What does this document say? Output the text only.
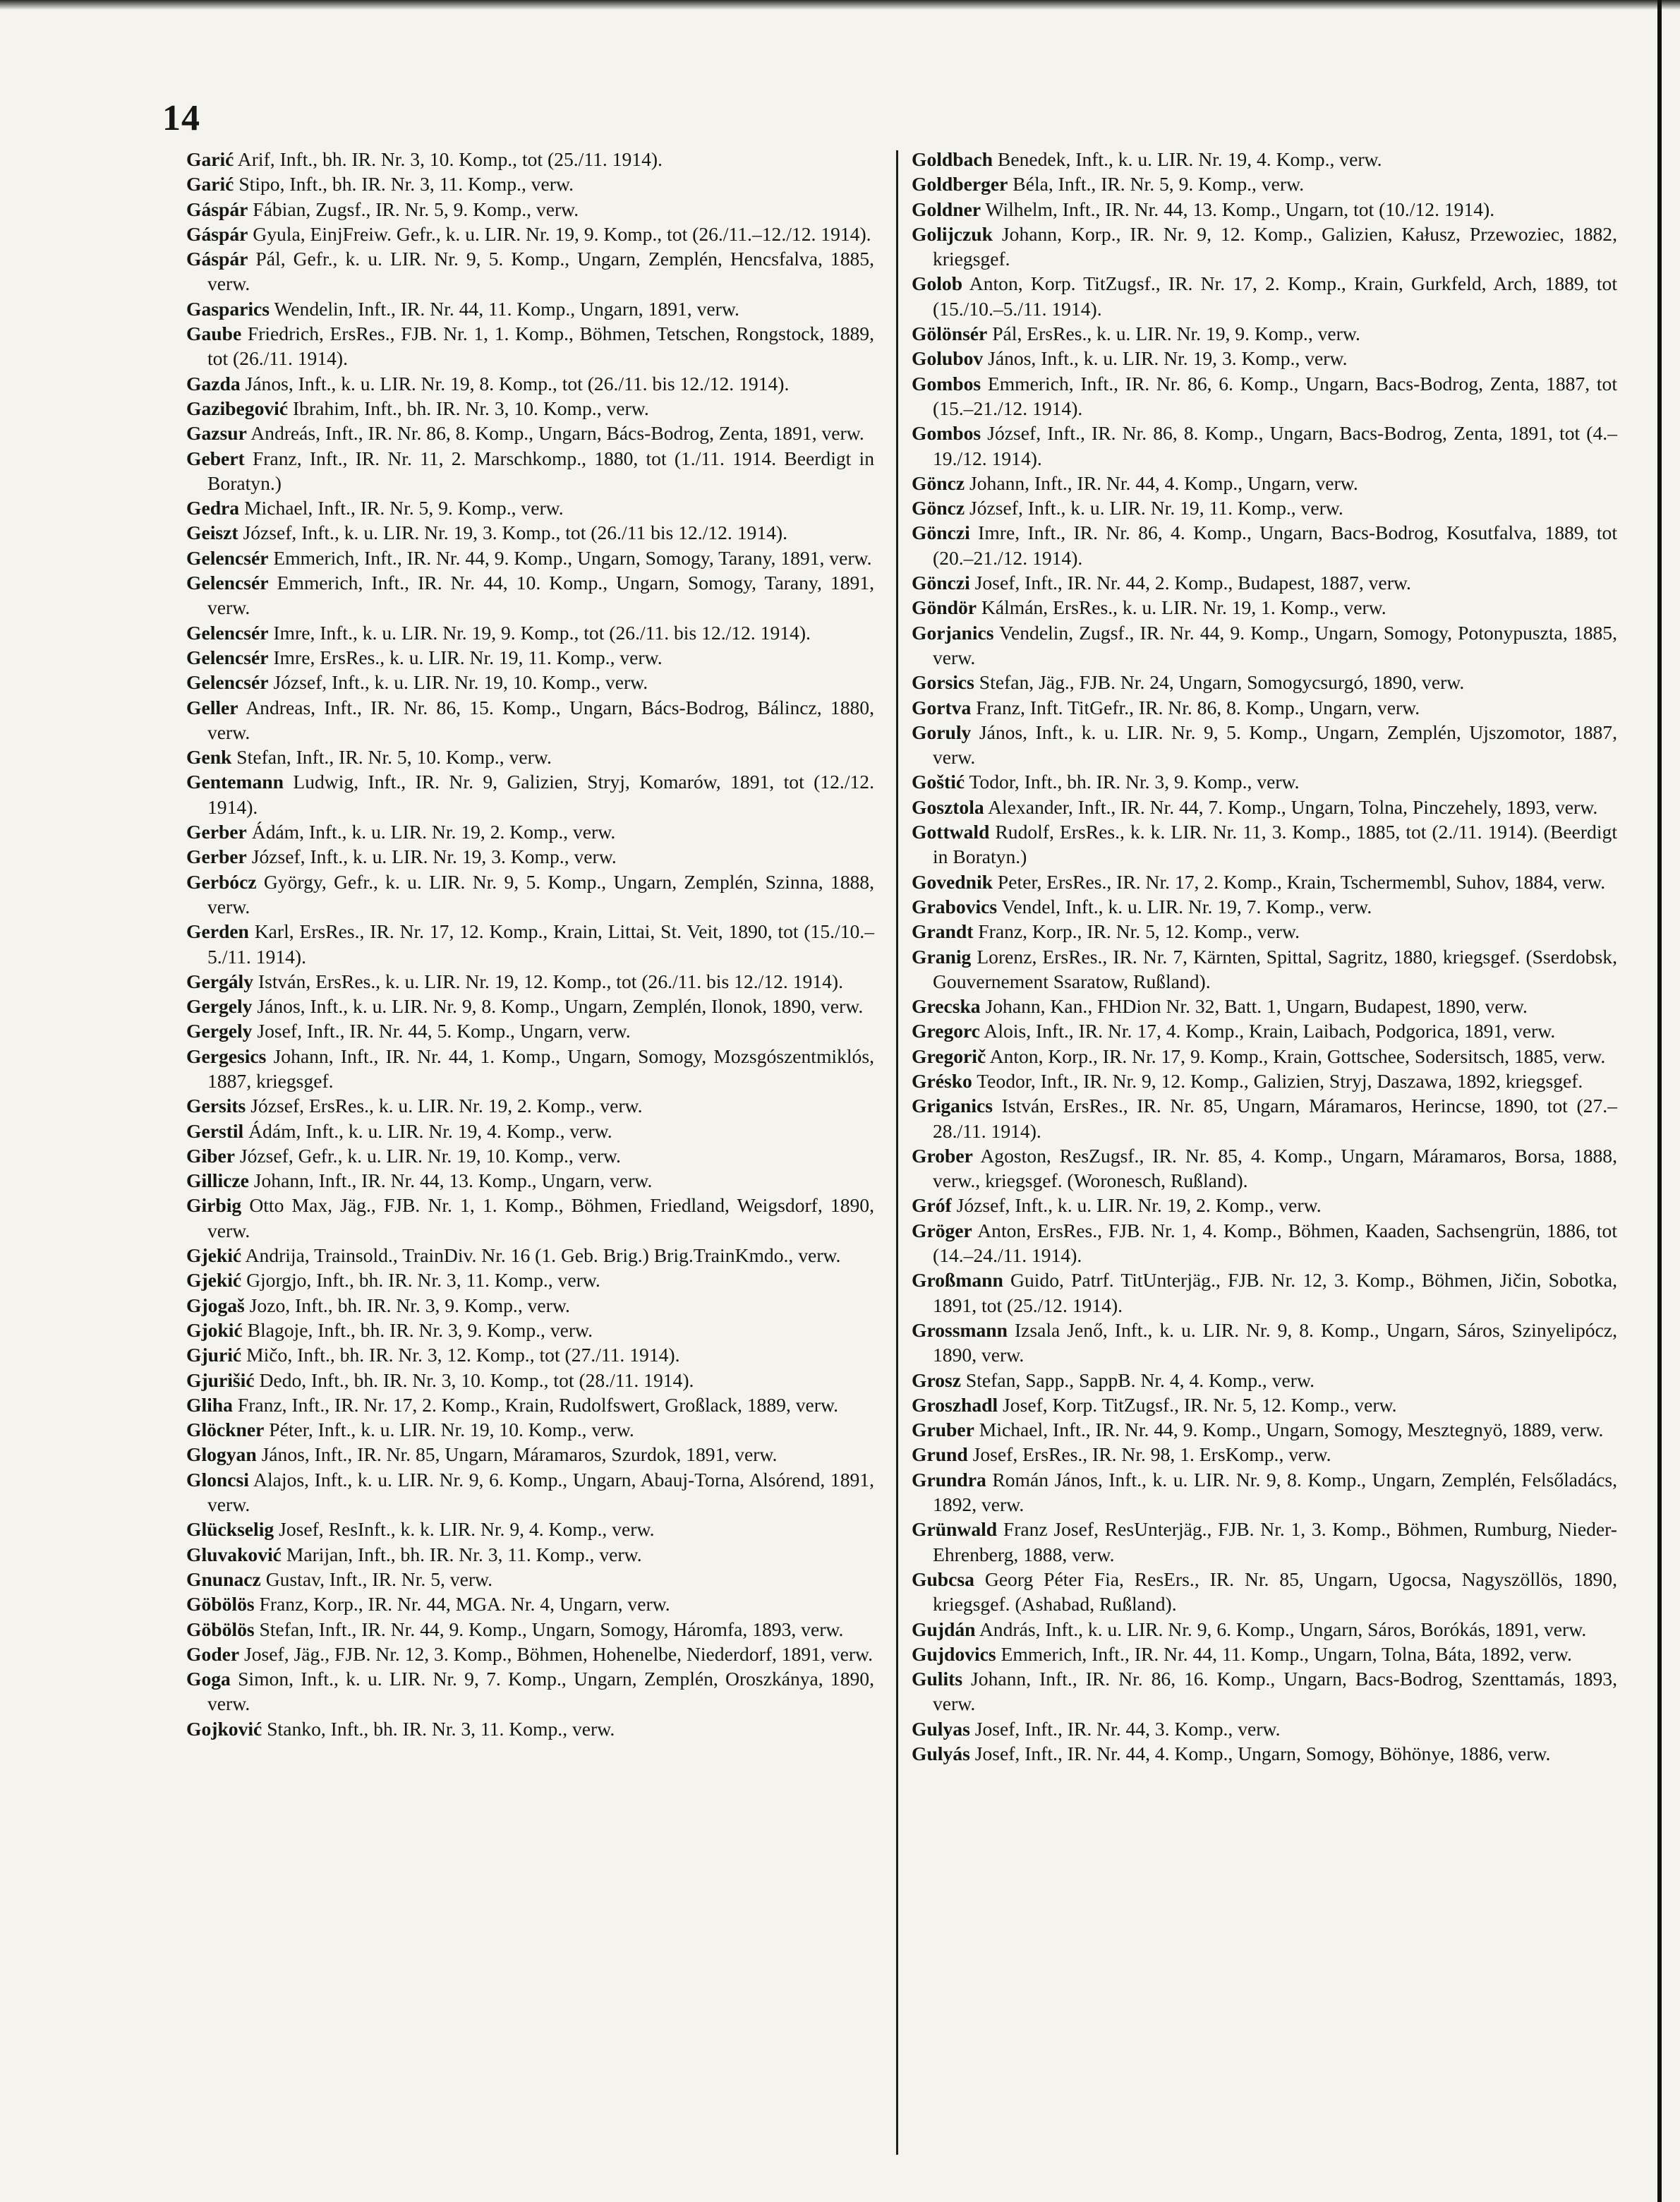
14

Garić Arif, Inft., bh. IR. Nr. 3, 10. Komp., tot (25./11. 1914).

Garić Stipo, Inft., bh. IR. Nr. 3, 11. Komp., verw.

Gáspár Fábian, Zugsf., IR. Nr. 5, 9. Komp., verw.

Gáspár Gyula, EinjFreiw. Gefr., k. u. LIR. Nr. 19, 9. Komp., tot (26./11.–12./12. 1914).

Gáspár Pál, Gefr., k. u. LIR. Nr. 9, 5. Komp., Ungarn, Zemplén, Hencsfalva, 1885, verw.

Gasparics Wendelin, Inft., IR. Nr. 44, 11. Komp., Ungarn, 1891, verw.

Gaube Friedrich, ErsRes., FJB. Nr. 1, 1. Komp., Böhmen, Tetschen, Rongstock, 1889, tot (26./11. 1914).

Gazda János, Inft., k. u. LIR. Nr. 19, 8. Komp., tot (26./11. bis 12./12. 1914).

Gazibegović Ibrahim, Inft., bh. IR. Nr. 3, 10. Komp., verw.

Gazsur Andreás, Inft., IR. Nr. 86, 8. Komp., Ungarn, Bács-Bodrog, Zenta, 1891, verw.

Gebert Franz, Inft., IR. Nr. 11, 2. Marschkomp., 1880, tot (1./11. 1914. Beerdigt in Boratyn.)

Gedra Michael, Inft., IR. Nr. 5, 9. Komp., verw.

Geiszt József, Inft., k. u. LIR. Nr. 19, 3. Komp., tot (26./11 bis 12./12. 1914).

Gelencsér Emmerich, Inft., IR. Nr. 44, 9. Komp., Ungarn, Somogy, Tarany, 1891, verw.

Gelencsér Emmerich, Inft., IR. Nr. 44, 10. Komp., Ungarn, Somogy, Tarany, 1891, verw.

Gelencsér Imre, Inft., k. u. LIR. Nr. 19, 9. Komp., tot (26./11. bis 12./12. 1914).

Gelencsér Imre, ErsRes., k. u. LIR. Nr. 19, 11. Komp., verw.

Gelencsér József, Inft., k. u. LIR. Nr. 19, 10. Komp., verw.

Geller Andreas, Inft., IR. Nr. 86, 15. Komp., Ungarn, Bács-Bodrog, Bálincz, 1880, verw.

Genk Stefan, Inft., IR. Nr. 5, 10. Komp., verw.

Gentemann Ludwig, Inft., IR. Nr. 9, Galizien, Stryj, Komarów, 1891, tot (12./12. 1914).

Gerber Ádám, Inft., k. u. LIR. Nr. 19, 2. Komp., verw.

Gerber József, Inft., k. u. LIR. Nr. 19, 3. Komp., verw.

Gerbócz György, Gefr., k. u. LIR. Nr. 9, 5. Komp., Ungarn, Zemplén, Szinna, 1888, verw.

Gerden Karl, ErsRes., IR. Nr. 17, 12. Komp., Krain, Littai, St. Veit, 1890, tot (15./10.–5./11. 1914).

Gergály István, ErsRes., k. u. LIR. Nr. 19, 12. Komp., tot (26./11. bis 12./12. 1914).

Gergely János, Inft., k. u. LIR. Nr. 9, 8. Komp., Ungarn, Zemplén, Ilonok, 1890, verw.

Gergely Josef, Inft., IR. Nr. 44, 5. Komp., Ungarn, verw.

Gergesics Johann, Inft., IR. Nr. 44, 1. Komp., Ungarn, Somogy, Mozsgószentmiklós, 1887, kriegsgef.

Gersits József, ErsRes., k. u. LIR. Nr. 19, 2. Komp., verw.

Gerstil Ádám, Inft., k. u. LIR. Nr. 19, 4. Komp., verw.

Giber József, Gefr., k. u. LIR. Nr. 19, 10. Komp., verw.

Gillicze Johann, Inft., IR. Nr. 44, 13. Komp., Ungarn, verw.

Girbig Otto Max, Jäg., FJB. Nr. 1, 1. Komp., Böhmen, Friedland, Weigsdorf, 1890, verw.

Gjekić Andrija, Trainsold., TrainDiv. Nr. 16 (1. Geb. Brig.) Brig.TrainKmdo., verw.

Gjekić Gjorgjo, Inft., bh. IR. Nr. 3, 11. Komp., verw.

Gjogaš Jozo, Inft., bh. IR. Nr. 3, 9. Komp., verw.

Gjokić Blagoje, Inft., bh. IR. Nr. 3, 9. Komp., verw.

Gjurić Mičo, Inft., bh. IR. Nr. 3, 12. Komp., tot (27./11. 1914).

Gjurišić Dedo, Inft., bh. IR. Nr. 3, 10. Komp., tot (28./11. 1914).

Gliha Franz, Inft., IR. Nr. 17, 2. Komp., Krain, Rudolfswert, Großlack, 1889, verw.

Glöckner Péter, Inft., k. u. LIR. Nr. 19, 10. Komp., verw.

Glogyan János, Inft., IR. Nr. 85, Ungarn, Máramaros, Szurdok, 1891, verw.

Gloncsi Alajos, Inft., k. u. LIR. Nr. 9, 6. Komp., Ungarn, Abauj-Torna, Alsórend, 1891, verw.

Glückselig Josef, ResInft., k. k. LIR. Nr. 9, 4. Komp., verw.

Gluvaković Marijan, Inft., bh. IR. Nr. 3, 11. Komp., verw.

Gnunacz Gustav, Inft., IR. Nr. 5, verw.

Göbölös Franz, Korp., IR. Nr. 44, MGA. Nr. 4, Ungarn, verw.

Göbölös Stefan, Inft., IR. Nr. 44, 9. Komp., Ungarn, Somogy, Háromfa, 1893, verw.

Goder Josef, Jäg., FJB. Nr. 12, 3. Komp., Böhmen, Hohenelbe, Niederdorf, 1891, verw.

Goga Simon, Inft., k. u. LIR. Nr. 9, 7. Komp., Ungarn, Zemplén, Oroszkánya, 1890, verw.

Gojković Stanko, Inft., bh. IR. Nr. 3, 11. Komp., verw.

Goldbach Benedek, Inft., k. u. LIR. Nr. 19, 4. Komp., verw.

Goldberger Béla, Inft., IR. Nr. 5, 9. Komp., verw.

Goldner Wilhelm, Inft., IR. Nr. 44, 13. Komp., Ungarn, tot (10./12. 1914).

Golijczuk Johann, Korp., IR. Nr. 9, 12. Komp., Galizien, Kałusz, Przewoziec, 1882, kriegsgef.

Golob Anton, Korp. TitZugsf., IR. Nr. 17, 2. Komp., Krain, Gurkfeld, Arch, 1889, tot (15./10.–5./11. 1914).

Gölönsér Pál, ErsRes., k. u. LIR. Nr. 19, 9. Komp., verw.

Golubov János, Inft., k. u. LIR. Nr. 19, 3. Komp., verw.

Gombos Emmerich, Inft., IR. Nr. 86, 6. Komp., Ungarn, Bacs-Bodrog, Zenta, 1887, tot (15.–21./12. 1914).

Gombos József, Inft., IR. Nr. 86, 8. Komp., Ungarn, Bacs-Bodrog, Zenta, 1891, tot (4.–19./12. 1914).

Göncz Johann, Inft., IR. Nr. 44, 4. Komp., Ungarn, verw.

Göncz József, Inft., k. u. LIR. Nr. 19, 11. Komp., verw.

Gönczi Imre, Inft., IR. Nr. 86, 4. Komp., Ungarn, Bacs-Bodrog, Kosutfalva, 1889, tot (20.–21./12. 1914).

Gönczi Josef, Inft., IR. Nr. 44, 2. Komp., Budapest, 1887, verw.

Göndör Kálmán, ErsRes., k. u. LIR. Nr. 19, 1. Komp., verw.

Gorjanics Vendelin, Zugsf., IR. Nr. 44, 9. Komp., Ungarn, Somogy, Potonypuszta, 1885, verw.

Gorsics Stefan, Jäg., FJB. Nr. 24, Ungarn, Somogycsurgó, 1890, verw.

Gortva Franz, Inft. TitGefr., IR. Nr. 86, 8. Komp., Ungarn, verw.

Goruly János, Inft., k. u. LIR. Nr. 9, 5. Komp., Ungarn, Zemplén, Ujszomotor, 1887, verw.

Goštić Todor, Inft., bh. IR. Nr. 3, 9. Komp., verw.

Gosztola Alexander, Inft., IR. Nr. 44, 7. Komp., Ungarn, Tolna, Pinczehely, 1893, verw.

Gottwald Rudolf, ErsRes., k. k. LIR. Nr. 11, 3. Komp., 1885, tot (2./11. 1914). (Beerdigt in Boratyn.)

Govednik Peter, ErsRes., IR. Nr. 17, 2. Komp., Krain, Tschermembl, Suhov, 1884, verw.

Grabovics Vendel, Inft., k. u. LIR. Nr. 19, 7. Komp., verw.

Grandt Franz, Korp., IR. Nr. 5, 12. Komp., verw.

Granig Lorenz, ErsRes., IR. Nr. 7, Kärnten, Spittal, Sagritz, 1880, kriegsgef. (Sserdobsk, Gouvernement Ssaratow, Rußland).

Grecska Johann, Kan., FHDion Nr. 32, Batt. 1, Ungarn, Budapest, 1890, verw.

Gregorc Alois, Inft., IR. Nr. 17, 4. Komp., Krain, Laibach, Podgorica, 1891, verw.

Gregorič Anton, Korp., IR. Nr. 17, 9. Komp., Krain, Gottschee, Sodersitsch, 1885, verw.

Grésko Teodor, Inft., IR. Nr. 9, 12. Komp., Galizien, Stryj, Daszawa, 1892, kriegsgef.

Griganics István, ErsRes., IR. Nr. 85, Ungarn, Máramaros, Herincse, 1890, tot (27.–28./11. 1914).

Grober Agoston, ResZugsf., IR. Nr. 85, 4. Komp., Ungarn, Máramaros, Borsa, 1888, verw., kriegsgef. (Woronesch, Rußland).

Gróf József, Inft., k. u. LIR. Nr. 19, 2. Komp., verw.

Gröger Anton, ErsRes., FJB. Nr. 1, 4. Komp., Böhmen, Kaaden, Sachsengrün, 1886, tot (14.–24./11. 1914).

Großmann Guido, Patrf. TitUnterjäg., FJB. Nr. 12, 3. Komp., Böhmen, Jičin, Sobotka, 1891, tot (25./12. 1914).

Grossmann Izsala Jenő, Inft., k. u. LIR. Nr. 9, 8. Komp., Ungarn, Sáros, Szinyelipócz, 1890, verw.

Grosz Stefan, Sapp., SappB. Nr. 4, 4. Komp., verw.

Groszhadl Josef, Korp. TitZugsf., IR. Nr. 5, 12. Komp., verw.

Gruber Michael, Inft., IR. Nr. 44, 9. Komp., Ungarn, Somogy, Mesztegnyö, 1889, verw.

Grund Josef, ErsRes., IR. Nr. 98, 1. ErsKomp., verw.

Grundra Román János, Inft., k. u. LIR. Nr. 9, 8. Komp., Ungarn, Zemplén, Felsőladács, 1892, verw.

Grünwald Franz Josef, ResUnterjäg., FJB. Nr. 1, 3. Komp., Böhmen, Rumburg, Nieder-Ehrenberg, 1888, verw.

Gubcsa Georg Péter Fia, ResErs., IR. Nr. 85, Ungarn, Ugocsa, Nagyszöllös, 1890, kriegsgef. (Ashabad, Rußland).

Gujdán András, Inft., k. u. LIR. Nr. 9, 6. Komp., Ungarn, Sáros, Borókás, 1891, verw.

Gujdovics Emmerich, Inft., IR. Nr. 44, 11. Komp., Ungarn, Tolna, Báta, 1892, verw.

Gulits Johann, Inft., IR. Nr. 86, 16. Komp., Ungarn, Bacs-Bodrog, Szenttamás, 1893, verw.

Gulyas Josef, Inft., IR. Nr. 44, 3. Komp., verw.

Gulyás Josef, Inft., IR. Nr. 44, 4. Komp., Ungarn, Somogy, Böhönye, 1886, verw.
